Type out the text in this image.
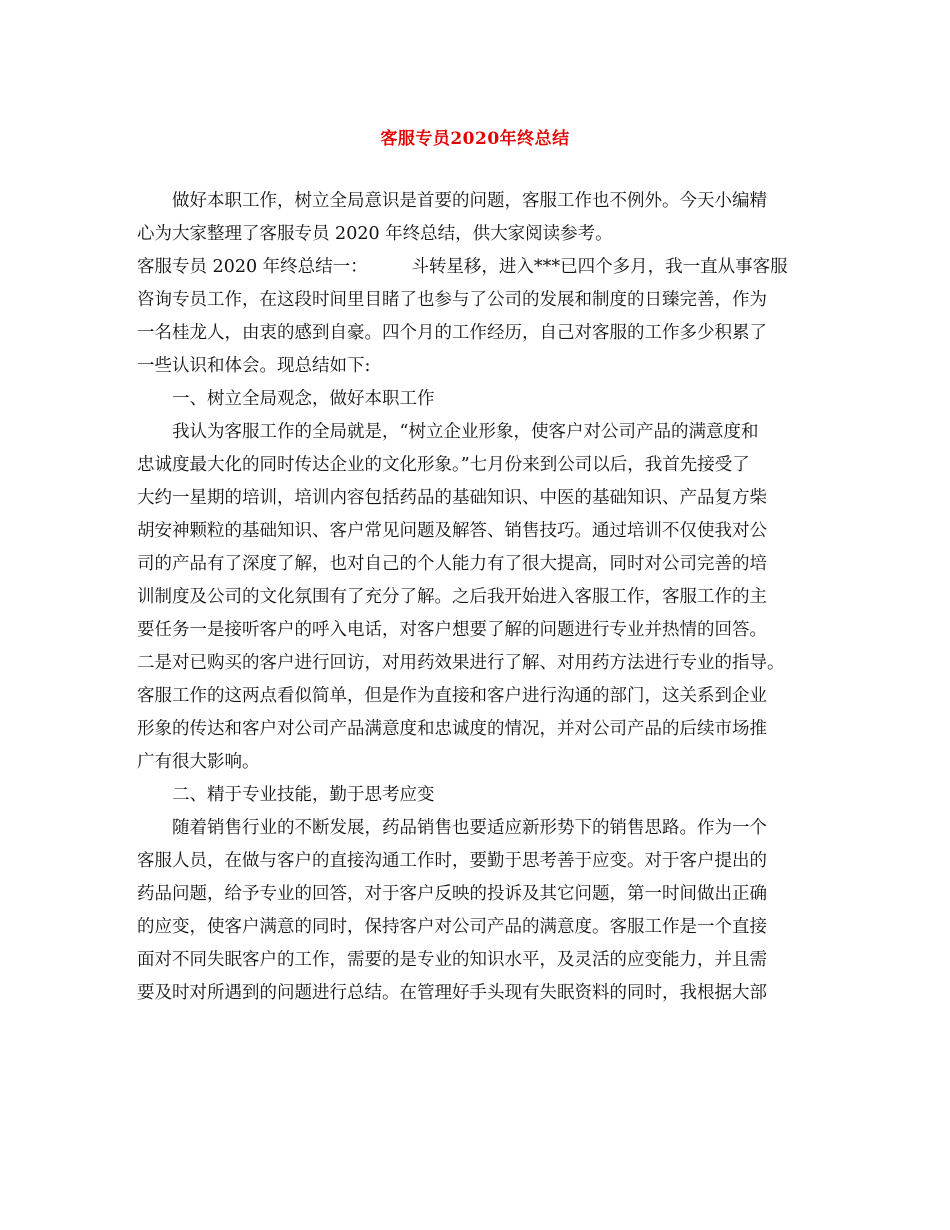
客服专员2020年终总结
做好本职工作，树立全局意识是首要的问题，客服工作也不例外。今天小编精
心为大家整理了客服专员 2020 年终总结，供大家阅读参考。
客服专员 2020 年终总结一：　　　斗转星移，进入***已四个多月，我一直从事客服
咨询专员工作，在这段时间里目睹了也参与了公司的发展和制度的日臻完善，作为
一名桂龙人，由衷的感到自豪。四个月的工作经历，自己对客服的工作多少积累了
一些认识和体会。现总结如下:
一、树立全局观念，做好本职工作
我认为客服工作的全局就是，“树立企业形象，使客户对公司产品的满意度和
忠诚度最大化的同时传达企业的文化形象。”七月份来到公司以后，我首先接受了
大约一星期的培训，培训内容包括药品的基础知识、中医的基础知识、产品复方柴
胡安神颗粒的基础知识、客户常见问题及解答、销售技巧。通过培训不仅使我对公
司的产品有了深度了解，也对自己的个人能力有了很大提高，同时对公司完善的培
训制度及公司的文化氛围有了充分了解。之后我开始进入客服工作，客服工作的主
要任务一是接听客户的呼入电话，对客户想要了解的问题进行专业并热情的回答。
二是对已购买的客户进行回访，对用药效果进行了解、对用药方法进行专业的指导。
客服工作的这两点看似简单，但是作为直接和客户进行沟通的部门，这关系到企业
形象的传达和客户对公司产品满意度和忠诚度的情况，并对公司产品的后续市场推
广有很大影响。
二、精于专业技能，勤于思考应变
随着销售行业的不断发展，药品销售也要适应新形势下的销售思路。作为一个
客服人员，在做与客户的直接沟通工作时，要勤于思考善于应变。对于客户提出的
药品问题，给予专业的回答，对于客户反映的投诉及其它问题，第一时间做出正确
的应变，使客户满意的同时，保持客户对公司产品的满意度。客服工作是一个直接
面对不同失眠客户的工作，需要的是专业的知识水平，及灵活的应变能力，并且需
要及时对所遇到的问题进行总结。在管理好手头现有失眠资料的同时，我根据大部
